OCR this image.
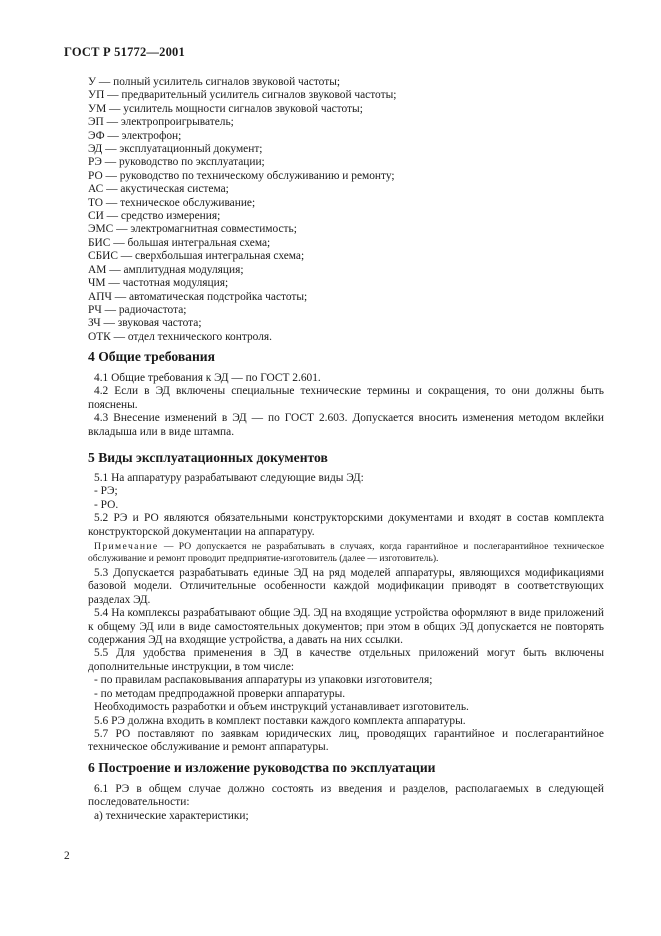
ГОСТ Р 51772—2001
У — полный усилитель сигналов звуковой частоты;
УП — предварительный усилитель сигналов звуковой частоты;
УМ — усилитель мощности сигналов звуковой частоты;
ЭП — электропроигрыватель;
ЭФ — электрофон;
ЭД — эксплуатационный документ;
РЭ — руководство по эксплуатации;
РО — руководство по техническому обслуживанию и ремонту;
АС — акустическая система;
ТО — техническое обслуживание;
СИ — средство измерения;
ЭМС — электромагнитная совместимость;
БИС — большая интегральная схема;
СБИС — сверхбольшая интегральная схема;
АМ — амплитудная модуляция;
ЧМ — частотная модуляция;
АПЧ — автоматическая подстройка частоты;
РЧ — радиочастота;
ЗЧ — звуковая частота;
ОТК — отдел технического контроля.
4 Общие требования

4.1 Общие требования к ЭД — по ГОСТ 2.601.

4.2 Если в ЭД включены специальные технические термины и сокращения, то они должны быть пояснены.

4.3 Внесение изменений в ЭД — по ГОСТ 2.603. Допускается вносить изменения методом вклейки вкладыша или в виде штампа.

5 Виды эксплуатационных документов

5.1 На аппаратуру разрабатывают следующие виды ЭД:

- РЭ;

- РО.

5.2 РЭ и РО являются обязательными конструкторскими документами и входят в состав комплекта конструкторской документации на аппаратуру.

Примечание — РО допускается не разрабатывать в случаях, когда гарантийное и послегарантийное техническое обслуживание и ремонт проводит предприятие-изготовитель (далее — изготовитель).

5.3 Допускается разрабатывать единые ЭД на ряд моделей аппаратуры, являющихся модификациями базовой модели. Отличительные особенности каждой модификации приводят в соответствующих разделах ЭД.

5.4 На комплексы разрабатывают общие ЭД. ЭД на входящие устройства оформляют в виде приложений к общему ЭД или в виде самостоятельных документов; при этом в общих ЭД допускается не повторять содержания ЭД на входящие устройства, а давать на них ссылки.

5.5 Для удобства применения в ЭД в качестве отдельных приложений могут быть включены дополнительные инструкции, в том числе:

- по правилам распаковывания аппаратуры из упаковки изготовителя;

- по методам предпродажной проверки аппаратуры.

Необходимость разработки и объем инструкций устанавливает изготовитель.

5.6 РЭ должна входить в комплект поставки каждого комплекта аппаратуры.

5.7 РО поставляют по заявкам юридических лиц, проводящих гарантийное и послегарантийное техническое обслуживание и ремонт аппаратуры.

6 Построение и изложение руководства по эксплуатации

6.1 РЭ в общем случае должно состоять из введения и разделов, располагаемых в следующей последовательности:

а) технические характеристики;

2
